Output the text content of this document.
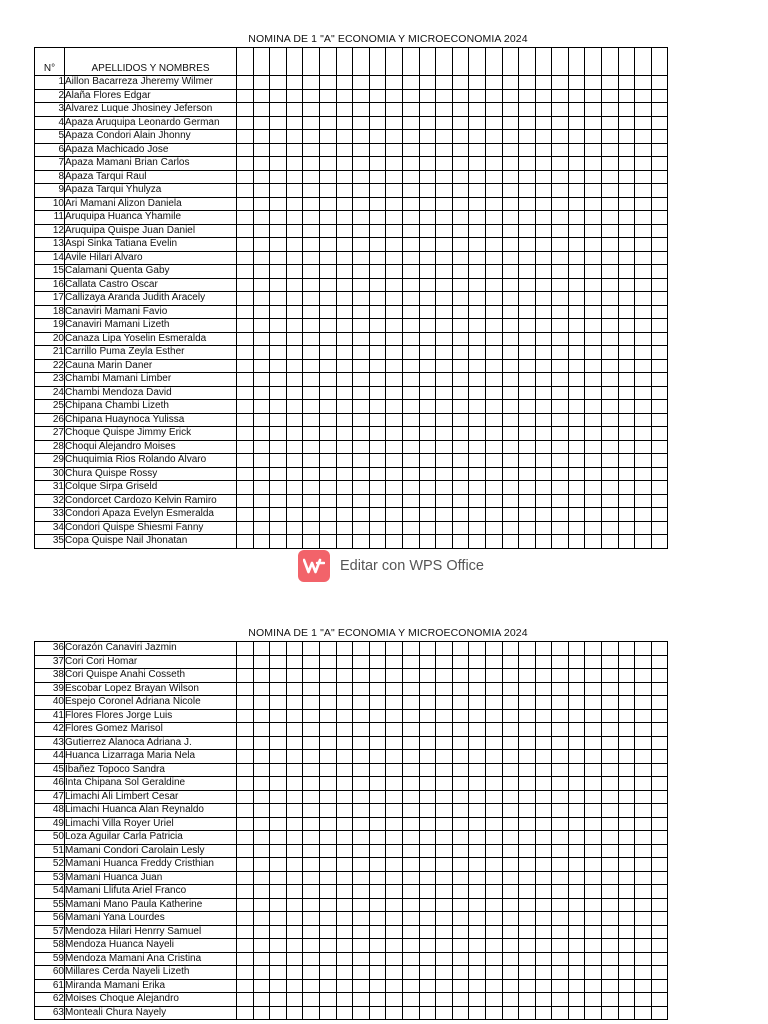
NOMINA DE 1 "A" ECONOMIA Y MICROECONOMIA 2024
N°	APELLIDOS Y NOMBRES																										
1	Aillon Bacarreza Jheremy Wilmer																										
2	Alaña Flores Edgar																										
3	Alvarez Luque Jhosiney Jeferson																										
4	Apaza Aruquipa Leonardo German																										
5	Apaza Condori Alain Jhonny																										
6	Apaza Machicado Jose																										
7	Apaza Mamani Brian Carlos																										
8	Apaza Tarqui Raul																										
9	Apaza Tarqui Yhulyza																										
10	Ari Mamani Alizon Daniela																										
11	Aruquipa Huanca Yhamile																										
12	Aruquipa Quispe Juan Daniel																										
13	Aspi Sinka Tatiana Evelin																										
14	Avile Hilari Alvaro																										
15	Calamani Quenta Gaby																										
16	Callata Castro Oscar																										
17	Callizaya Aranda Judith Aracely																										
18	Canaviri Mamani Favio																										
19	Canaviri Mamani Lizeth																										
20	Canaza Lipa Yoselin Esmeralda																										
21	Carrillo Puma Zeyla Esther																										
22	Cauna Marin Daner																										
23	Chambi Mamani Limber																										
24	Chambi Mendoza David																										
25	Chipana Chambi Lizeth																										
26	Chipana Huaynoca Yulissa																										
27	Choque Quispe Jimmy Erick																										
28	Choqui Alejandro Moises																										
29	Chuquimia Rios Rolando Alvaro																										
30	Chura Quispe Rossy																										
31	Colque Sirpa Griseld																										
32	Condorcet Cardozo Kelvin Ramiro																										
33	Condori Apaza Evelyn Esmeralda																										
34	Condori Quispe Shiesmi Fanny																										
35	Copa Quispe Nail Jhonatan																										
Editar con WPS Office
NOMINA DE 1 "A" ECONOMIA Y MICROECONOMIA 2024
36	Corazón Canaviri Jazmin																										
37	Cori Cori Homar																										
38	Cori Quispe Anahi Cosseth																										
39	Escobar Lopez Brayan Wilson																										
40	Espejo Coronel Adriana Nicole																										
41	Flores Flores Jorge Luis																										
42	Flores Gomez Marisol																										
43	Gutierrez Alanoca Adriana J.																										
44	Huanca Lizarraga Maria Nela																										
45	Ibañez Topoco Sandra																										
46	Inta Chipana Sol Geraldine																										
47	Limachi Ali Limbert Cesar																										
48	Limachi Huanca Alan Reynaldo																										
49	Limachi Villa Royer Uriel																										
50	Loza Aguilar Carla Patricia																										
51	Mamani Condori Carolain Lesly																										
52	Mamani Huanca Freddy Cristhian																										
53	Mamani Huanca Juan																										
54	Mamani Llifuta Ariel Franco																										
55	Mamani Mano Paula Katherine																										
56	Mamani Yana Lourdes																										
57	Mendoza Hilari Henrry Samuel																										
58	Mendoza Huanca Nayeli																										
59	Mendoza Mamani Ana Cristina																										
60	Millares Cerda Nayeli Lizeth																										
61	Miranda Mamani Erika																										
62	Moises Choque Alejandro																										
63	Monteali Chura Nayely																										
